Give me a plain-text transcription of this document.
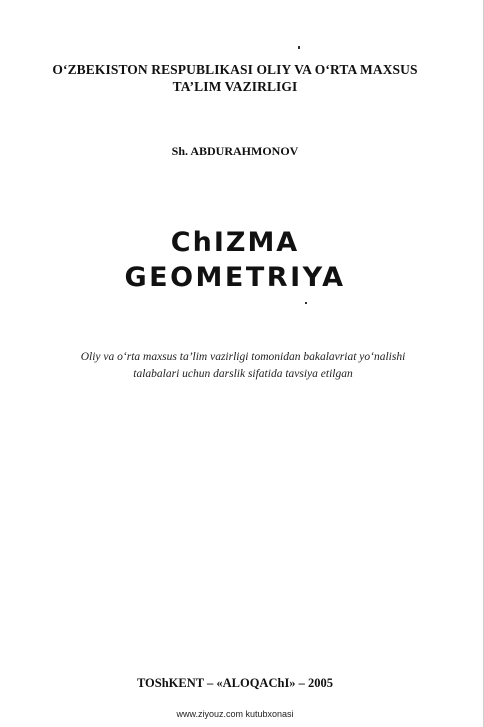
O‘ZBEKISTON RESPUBLIKASI OLIY VA O‘RTA MAXSUS
TA’LIM VAZIRLIGI
Sh. ABDURAHMONOV
ChIZMA
GEOMETRIYA
Oliy va o‘rta maxsus ta’lim vazirligi tomonidan bakalavriat yo‘nalishi
talabalari uchun darslik sifatida tavsiya etilgan
TOShKENT – «ALOQAChI» – 2005
www.ziyouz.com kutubxonasi
